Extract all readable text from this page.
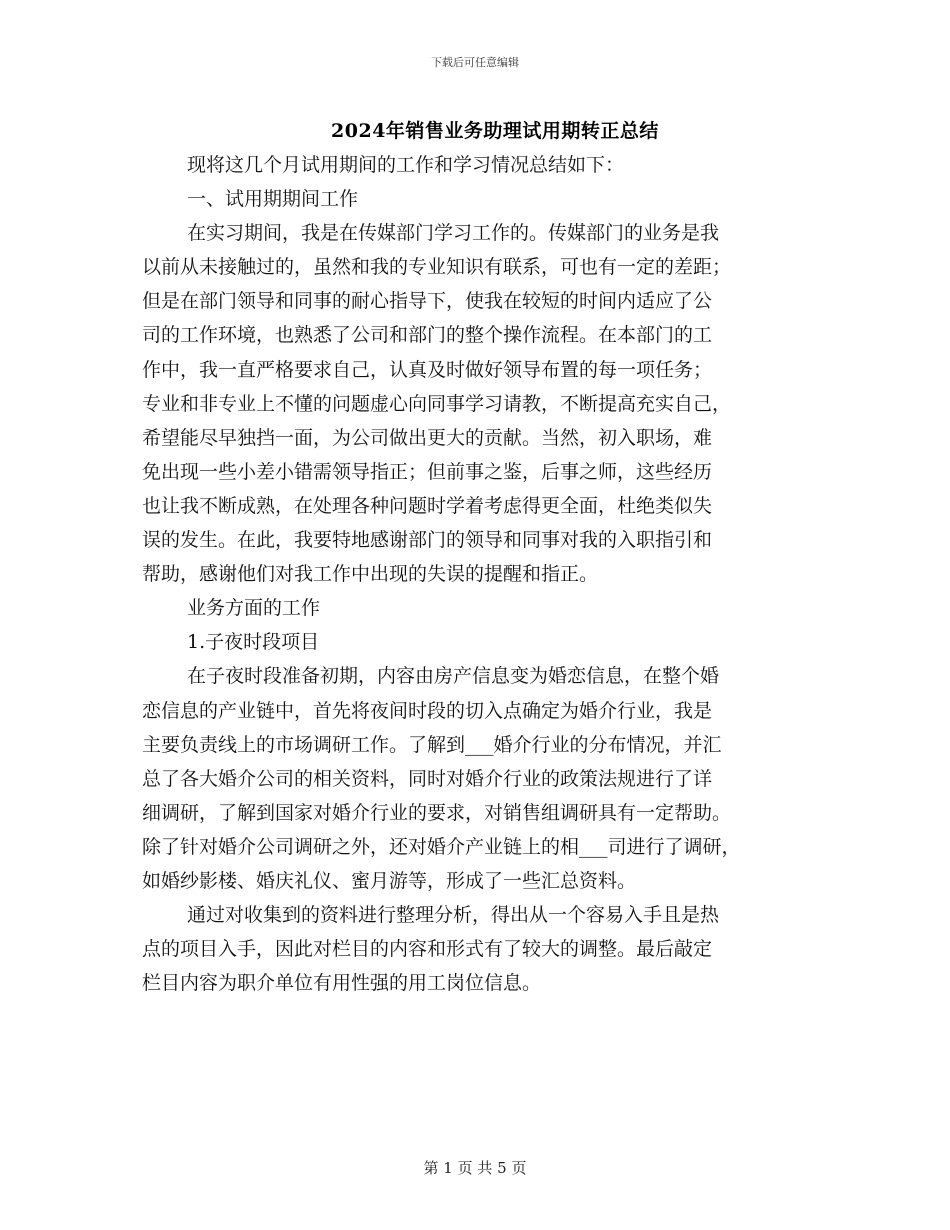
下载后可任意编辑
2024年销售业务助理试用期转正总结
现将这几个月试用期间的工作和学习情况总结如下：
一、试用期期间工作
在实习期间，我是在传媒部门学习工作的。传媒部门的业务是我
以前从未接触过的，虽然和我的专业知识有联系，可也有一定的差距；
但是在部门领导和同事的耐心指导下，使我在较短的时间内适应了公
司的工作环境，也熟悉了公司和部门的整个操作流程。在本部门的工
作中，我一直严格要求自己，认真及时做好领导布置的每一项任务；
专业和非专业上不懂的问题虚心向同事学习请教，不断提高充实自己，
希望能尽早独挡一面，为公司做出更大的贡献。当然，初入职场，难
免出现一些小差小错需领导指正；但前事之鉴，后事之师，这些经历
也让我不断成熟，在处理各种问题时学着考虑得更全面，杜绝类似失
误的发生。在此，我要特地感谢部门的领导和同事对我的入职指引和
帮助，感谢他们对我工作中出现的失误的提醒和指正。
业务方面的工作
1.子夜时段项目
在子夜时段准备初期，内容由房产信息变为婚恋信息，在整个婚
恋信息的产业链中，首先将夜间时段的切入点确定为婚介行业，我是
主要负责线上的市场调研工作。了解到___婚介行业的分布情况，并汇
总了各大婚介公司的相关资料，同时对婚介行业的政策法规进行了详
细调研，了解到国家对婚介行业的要求，对销售组调研具有一定帮助。
除了针对婚介公司调研之外，还对婚介产业链上的相___司进行了调研，
如婚纱影楼、婚庆礼仪、蜜月游等，形成了一些汇总资料。
通过对收集到的资料进行整理分析，得出从一个容易入手且是热
点的项目入手，因此对栏目的内容和形式有了较大的调整。最后敲定
栏目内容为职介单位有用性强的用工岗位信息。
第 1 页 共 5 页
